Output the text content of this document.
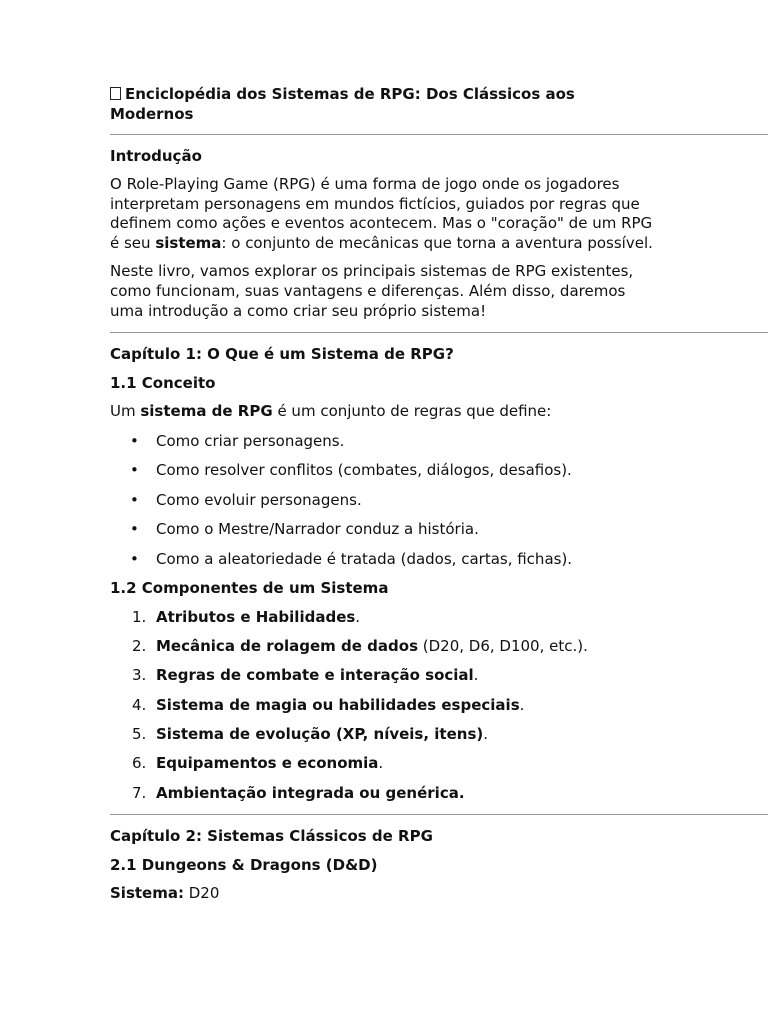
Enciclopédia dos Sistemas de RPG: Dos Clássicos aos
Modernos
Introdução

O Role-Playing Game (RPG) é uma forma de jogo onde os jogadores interpretam personagens em mundos fictícios, guiados por regras que definem como ações e eventos acontecem. Mas o "coração" de um RPG é seu sistema: o conjunto de mecânicas que torna a aventura possível.

Neste livro, vamos explorar os principais sistemas de RPG existentes, como funcionam, suas vantagens e diferenças. Além disso, daremos uma introdução a como criar seu próprio sistema!

Capítulo 1: O Que é um Sistema de RPG?
1.1 Conceito

Um sistema de RPG é um conjunto de regras que define:

• Como criar personagens.
• Como resolver conflitos (combates, diálogos, desafios).
• Como evoluir personagens.
• Como o Mestre/Narrador conduz a história.
• Como a aleatoriedade é tratada (dados, cartas, fichas).
1.2 Componentes de um Sistema
1. Atributos e Habilidades.
2. Mecânica de rolagem de dados (D20, D6, D100, etc.).
3. Regras de combate e interação social.
4. Sistema de magia ou habilidades especiais.
5. Sistema de evolução (XP, níveis, itens).
6. Equipamentos e economia.
7. Ambientação integrada ou genérica.
Capítulo 2: Sistemas Clássicos de RPG
2.1 Dungeons & Dragons (D&D)

Sistema: D20
